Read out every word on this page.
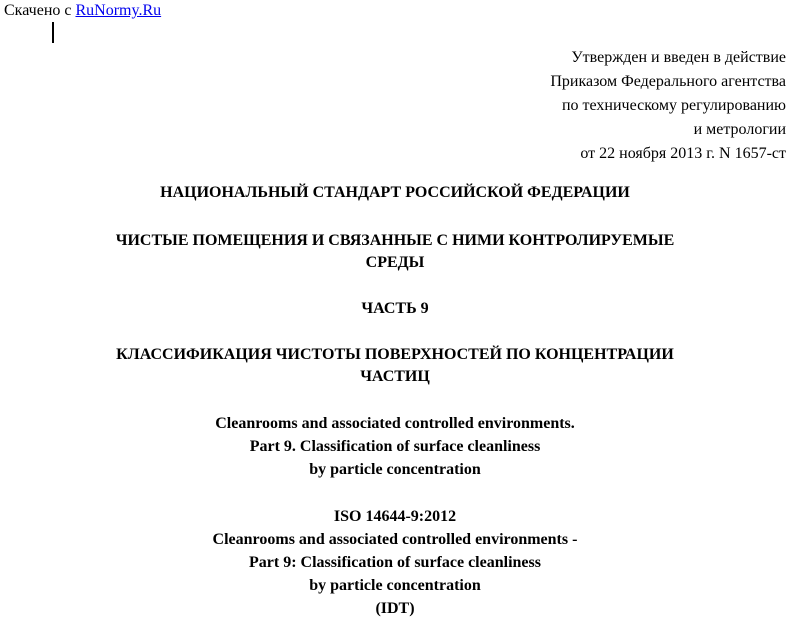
Скачено с RuNormy.Ru
Утвержден и введен в действие
Приказом Федерального агентства
по техническому регулированию
и метрологии
от 22 ноября 2013 г. N 1657-ст
НАЦИОНАЛЬНЫЙ СТАНДАРТ РОССИЙСКОЙ ФЕДЕРАЦИИ
ЧИСТЫЕ ПОМЕЩЕНИЯ И СВЯЗАННЫЕ С НИМИ КОНТРОЛИРУЕМЫЕ
СРЕДЫ
ЧАСТЬ 9
КЛАССИФИКАЦИЯ ЧИСТОТЫ ПОВЕРХНОСТЕЙ ПО КОНЦЕНТРАЦИИ
ЧАСТИЦ
Cleanrooms and associated controlled environments.
Part 9. Classification of surface cleanliness
by particle concentration
ISO 14644-9:2012
Cleanrooms and associated controlled environments -
Part 9: Classification of surface cleanliness
by particle concentration
(IDT)
